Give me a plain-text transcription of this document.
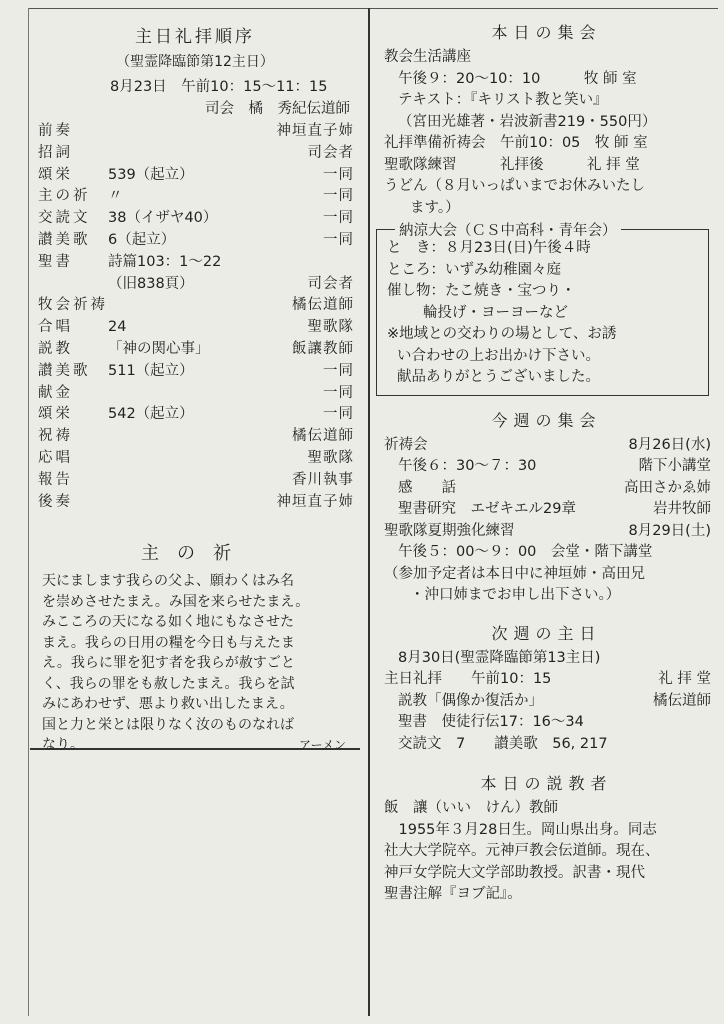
主日礼拝順序
（聖霊降臨節第12主日）
8月23日　午前10：15～11：15
司会　橘　秀紀伝道師
前奏	神垣直子姉
招詞	司会者
頌栄	539（起立）	一同
主の祈	〃	一同
交読文	38（イザヤ40）	一同
讃美歌	6（起立）	一同
聖書	詩篇103：1～22
（旧838頁）	司会者
牧会祈祷	橘伝道師
合唱	24	聖歌隊
説教	「神の関心事」	飯讓教師
讃美歌	511（起立）	一同
献金	一同
頌栄	542（起立）	一同
祝祷	橘伝道師
応唱	聖歌隊
報告	香川執事
後奏	神垣直子姉
主の祈
天にまします我らの父よ、願わくはみ名
を崇めさせたまえ。み国を来らせたまえ。
みこころの天になる如く地にもなさせた
まえ。我らの日用の糧を今日も与えたま
え。我らに罪を犯す者を我らが赦すごと
く、我らの罪をも赦したまえ。我らを試
みにあわせず、悪より救い出したまえ。
国と力と栄とは限りなく汝のものなれば
なり。	アーメン
本日の集会
教会生活講座
午後９：20～10：10　　　牧 師 室
テキスト：『キリスト教と笑い』
（宮田光雄著・岩波新書219・550円）
礼拝準備祈祷会　午前10：05　牧 師 室
聖歌隊練習　　　礼拝後　　　礼 拝 堂
うどん（８月いっぱいまでお休みいたし
ます。）
納涼大会（ＣＳ中高科・青年会）
と　き：８月23日(日)午後４時
ところ：いずみ幼稚園々庭
催し物：たこ焼き・宝つり・
輪投げ・ヨーヨーなど
※地域との交わりの場として、お誘
い合わせの上お出かけ下さい。
献品ありがとうございました。
今週の集会
祈祷会	8月26日(水)
午後６：30～７：30	階下小講堂
感　　話	高田さかゑ姉
聖書研究　エゼキエル29章	岩井牧師
聖歌隊夏期強化練習	8月29日(土)
午後５：00～９：00　会堂・階下講堂
（参加予定者は本日中に神垣姉・高田兄
・沖口姉までお申し出下さい。）
次週の主日
8月30日(聖霊降臨節第13主日)
主日礼拝　　午前10：15	礼 拝 堂
説教「偶像か復活か」	橘伝道師
聖書　使徒行伝17：16～34
交読文　7　　讃美歌　56, 217
本日の説教者
飯　讓（いい　けん）教師
　1955年３月28日生。岡山県出身。同志
社大大学院卒。元神戸教会伝道師。現在、
神戸女学院大文学部助教授。訳書・現代
聖書注解『ヨブ記』。
